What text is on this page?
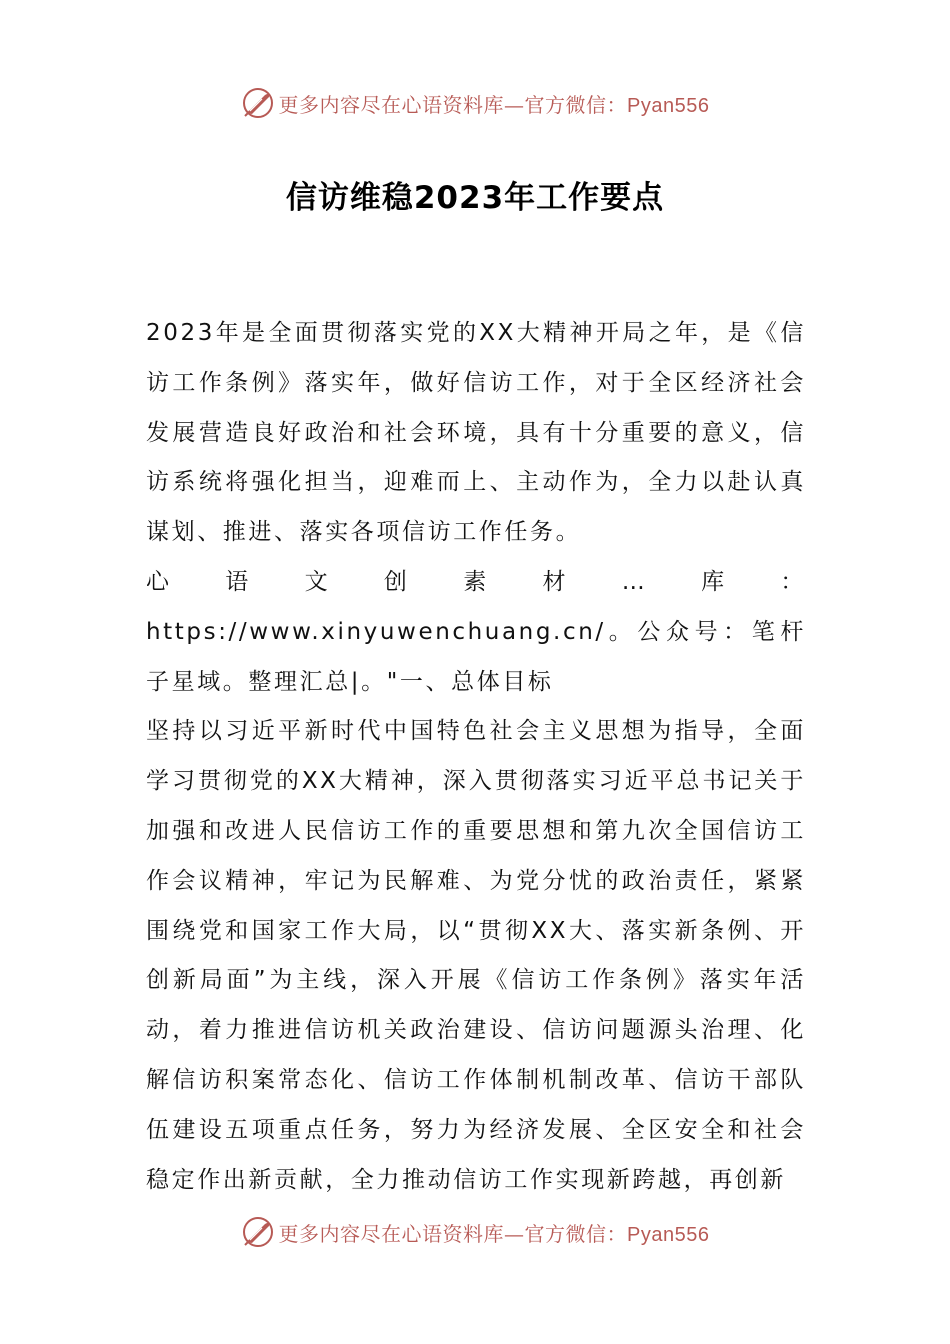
更多内容尽在心语资料库—官方微信：Pyan556
信访维稳2023年工作要点

2023年是全面贯彻落实党的XX大精神开局之年，是《信访工作条例》落实年，做好信访工作，对于全区经济社会发展营造良好政治和社会环境，具有十分重要的意义，信访系统将强化担当，迎难而上、主动作为，全力以赴认真谋划、推进、落实各项信访工作任务。

心语文创素材…库：https://www.xinyuwenchuang.cn/。公众号：笔杆子星域。整理汇总|。"一、总体目标

坚持以习近平新时代中国特色社会主义思想为指导，全面学习贯彻党的XX大精神，深入贯彻落实习近平总书记关于加强和改进人民信访工作的重要思想和第九次全国信访工作会议精神，牢记为民解难、为党分忧的政治责任，紧紧围绕党和国家工作大局，以“贯彻XX大、落实新条例、开创新局面”为主线，深入开展《信访工作条例》落实年活动，着力推进信访机关政治建设、信访问题源头治理、化解信访积案常态化、信访工作体制机制改革、信访干部队伍建设五项重点任务，努力为经济发展、全区安全和社会稳定作出新贡献，全力推动信访工作实现新跨越，再创新

更多内容尽在心语资料库—官方微信：Pyan556
